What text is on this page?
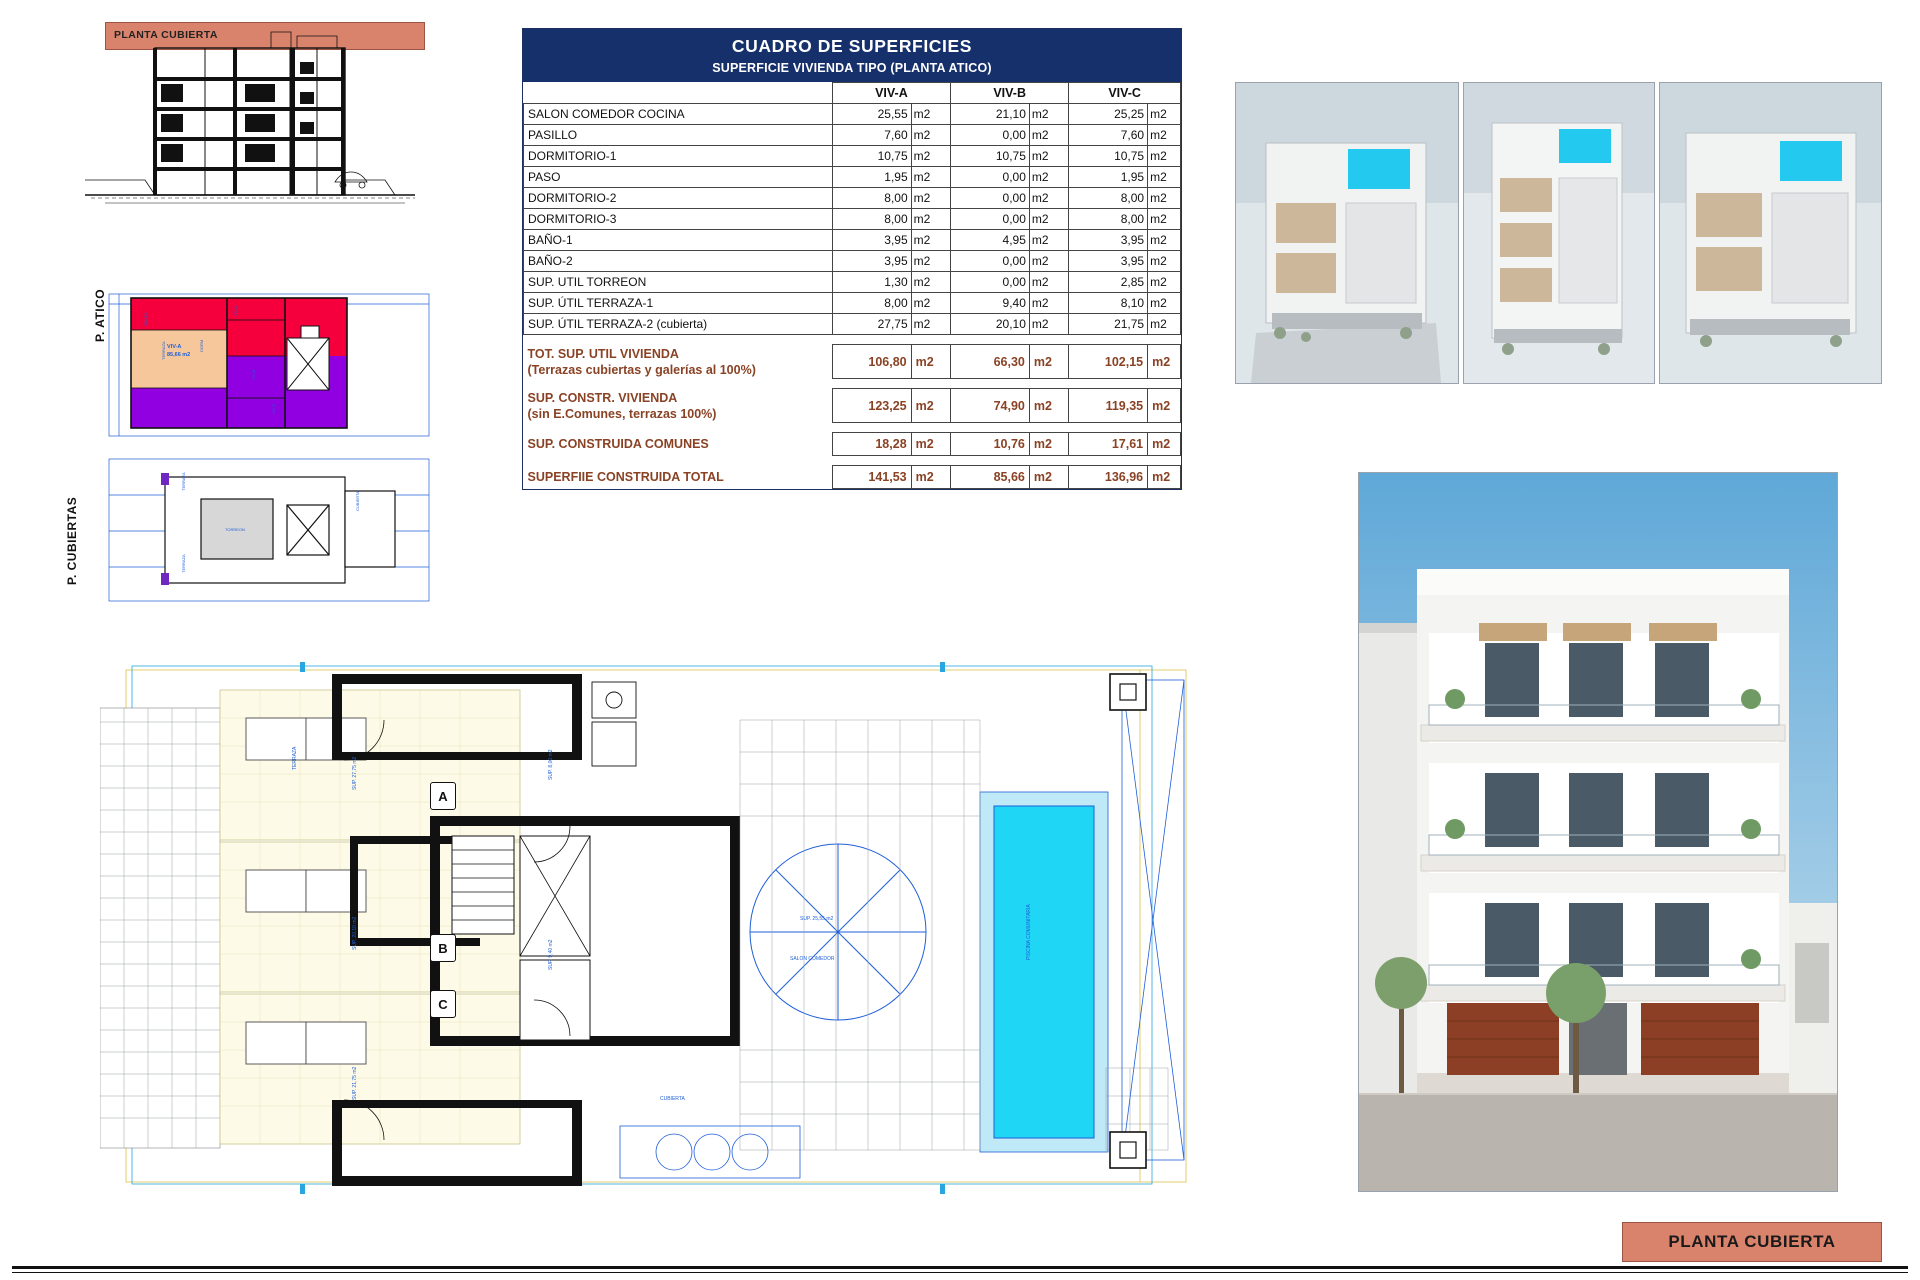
PLANTA CUBIERTA
P. ATICO	SALON
TERRAZA	DORM
VIV-A
VIV-B
VIV-C
VIV-A
85,66 m2
P. CUBIERTAS
TERRAZA
TERRAZA
CUBIERTA
TORREON
CUADRO DE SUPERFICIES
SUPERFICIE VIVIENDA TIPO (PLANTA ATICO)
	VIV-A		VIV-B		VIV-C	
SALON COMEDOR COCINA	25,55	m2	21,10	m2	25,25	m2
PASILLO	7,60	m2	0,00	m2	7,60	m2
DORMITORIO-1	10,75	m2	10,75	m2	10,75	m2
PASO	1,95	m2	0,00	m2	1,95	m2
DORMITORIO-2	8,00	m2	0,00	m2	8,00	m2
DORMITORIO-3	8,00	m2	0,00	m2	8,00	m2
BAÑO-1	3,95	m2	4,95	m2	3,95	m2
BAÑO-2	3,95	m2	0,00	m2	3,95	m2
SUP. UTIL TORREON	1,30	m2	0,00	m2	2,85	m2
SUP. ÚTIL TERRAZA-1	8,00	m2	9,40	m2	8,10	m2
SUP. ÚTIL TERRAZA-2 (cubierta)	27,75	m2	20,10	m2	21,75	m2

TOT. SUP. UTIL VIVIENDA
(Terrazas cubiertas y galerías al 100%)	106,80	m2	66,30	m2	102,15	m2

SUP. CONSTR. VIVIENDA
(sin E.Comunes, terrazas 100%)	123,25	m2	74,90	m2	119,35	m2

SUP. CONSTRUIDA COMUNES	18,28	m2	10,76	m2	17,61	m2

SUPERFIIE CONSTRUIDA TOTAL	141,53	m2	85,66	m2	136,96	m2
TERRAZA	SUP. 27,75 m2
SUP. 20,10 m2
SUP. 21,75 m2
SUP. 8,00 m2
SUP. 9,40 m2
SUP. 25,55 m2
SALON COMEDOR	PISCINA COMUNITARIA
CUBIERTA
A
B
C
PLANTA CUBIERTA
